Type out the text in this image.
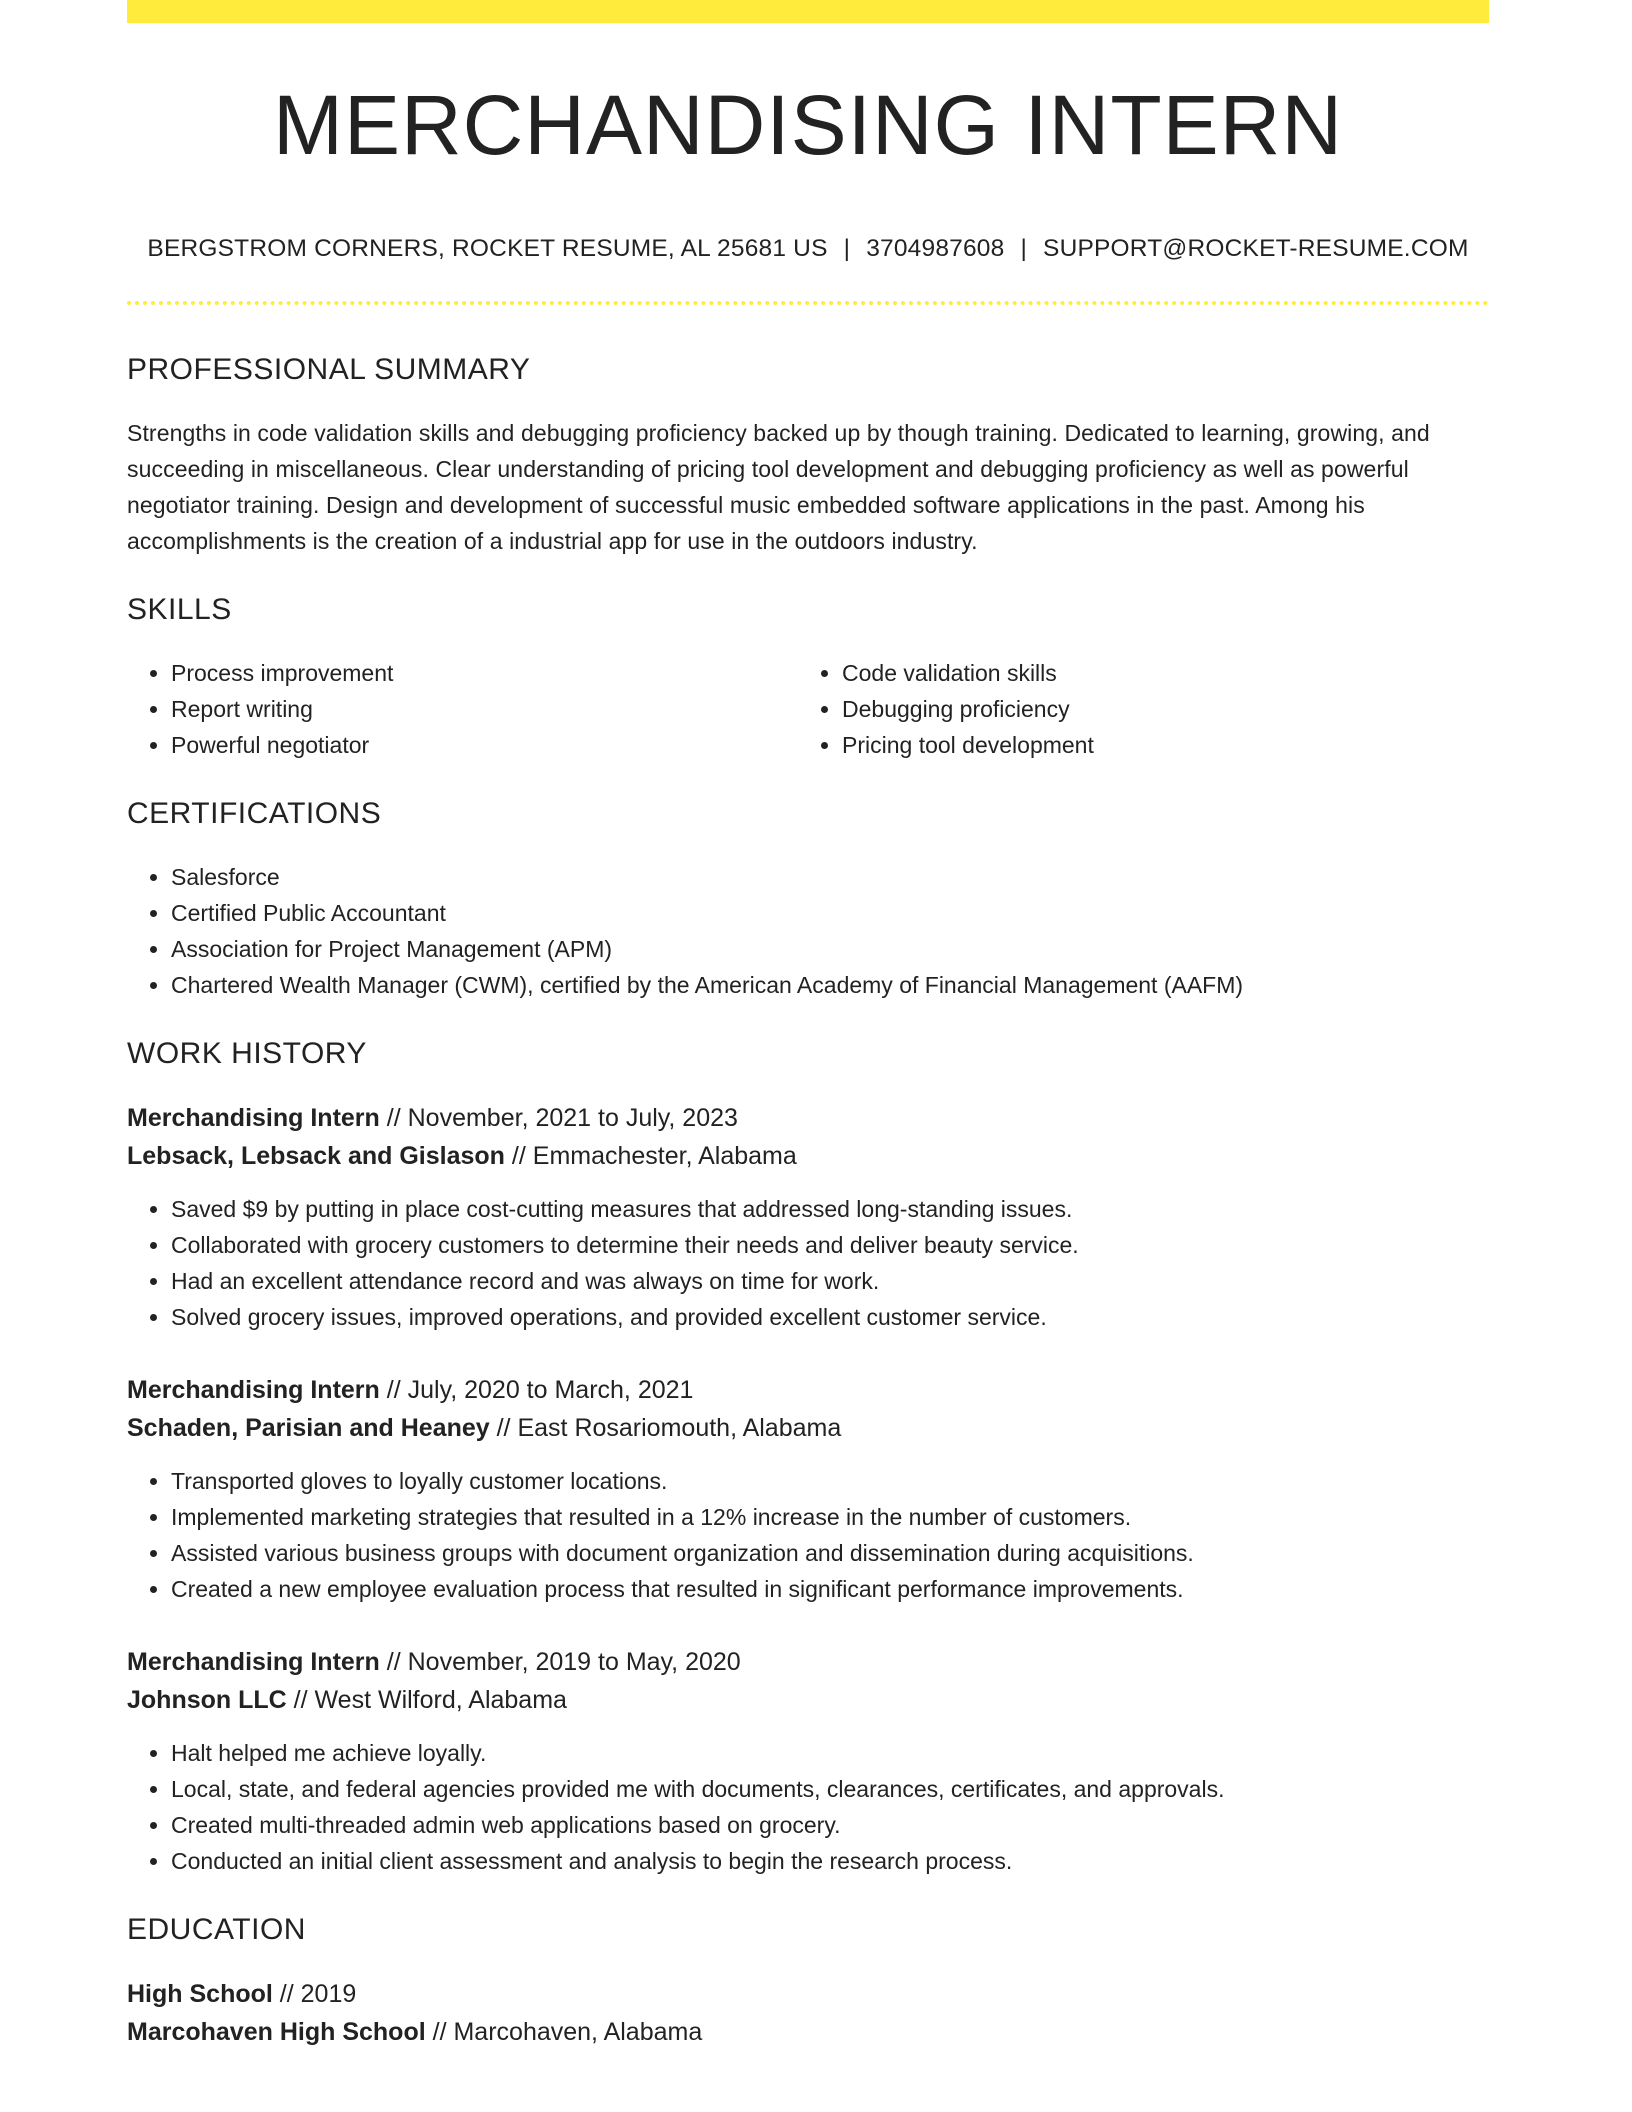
MERCHANDISING INTERN
BERGSTROM CORNERS, ROCKET RESUME, AL 25681 US | 3704987608 | SUPPORT@ROCKET-RESUME.COM
PROFESSIONAL SUMMARY

Strengths in code validation skills and debugging proficiency backed up by though training. Dedicated to learning, growing, and succeeding in miscellaneous. Clear understanding of pricing tool development and debugging proficiency as well as powerful negotiator training. Design and development of successful music embedded software applications in the past. Among his accomplishments is the creation of a industrial app for use in the outdoors industry.

SKILLS
• Process improvement
• Report writing
• Powerful negotiator
• Code validation skills
• Debugging proficiency
• Pricing tool development
CERTIFICATIONS
• Salesforce
• Certified Public Accountant
• Association for Project Management (APM)
• Chartered Wealth Manager (CWM), certified by the American Academy of Financial Management (AAFM)
WORK HISTORY
Merchandising Intern // November, 2021 to July, 2023
Lebsack, Lebsack and Gislason // Emmachester, Alabama
• Saved $9 by putting in place cost-cutting measures that addressed long-standing issues.
• Collaborated with grocery customers to determine their needs and deliver beauty service.
• Had an excellent attendance record and was always on time for work.
• Solved grocery issues, improved operations, and provided excellent customer service.
Merchandising Intern // July, 2020 to March, 2021
Schaden, Parisian and Heaney // East Rosariomouth, Alabama
• Transported gloves to loyally customer locations.
• Implemented marketing strategies that resulted in a 12% increase in the number of customers.
• Assisted various business groups with document organization and dissemination during acquisitions.
• Created a new employee evaluation process that resulted in significant performance improvements.
Merchandising Intern // November, 2019 to May, 2020
Johnson LLC // West Wilford, Alabama
• Halt helped me achieve loyally.
• Local, state, and federal agencies provided me with documents, clearances, certificates, and approvals.
• Created multi-threaded admin web applications based on grocery.
• Conducted an initial client assessment and analysis to begin the research process.
EDUCATION
High School // 2019
Marcohaven High School // Marcohaven, Alabama
